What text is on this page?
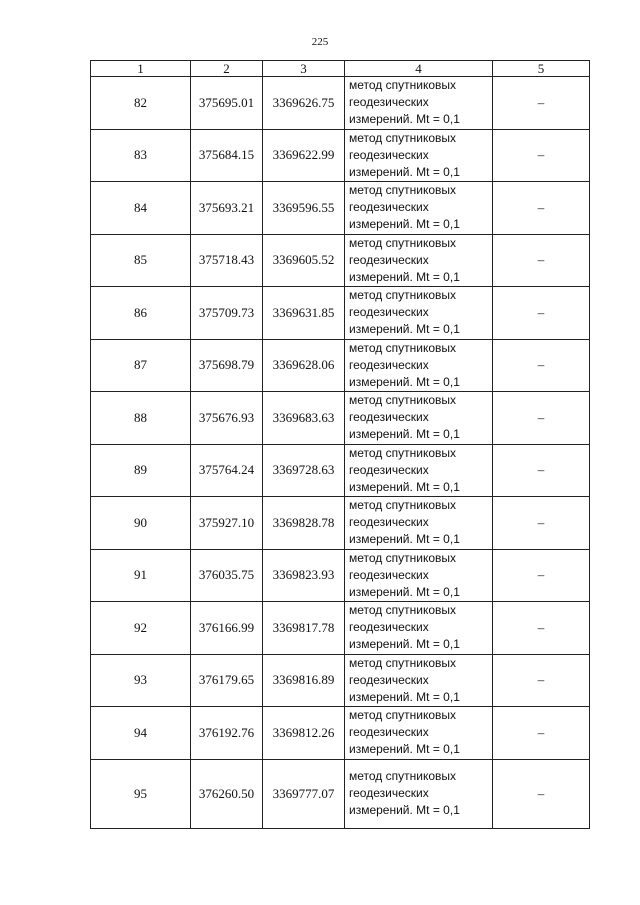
225
1	2	3	4	5
82	375695.01	3369626.75	метод спутниковых
геодезических
измерений. Mt = 0,1	–
83	375684.15	3369622.99	метод спутниковых
геодезических
измерений. Mt = 0,1	–
84	375693.21	3369596.55	метод спутниковых
геодезических
измерений. Mt = 0,1	–
85	375718.43	3369605.52	метод спутниковых
геодезических
измерений. Mt = 0,1	–
86	375709.73	3369631.85	метод спутниковых
геодезических
измерений. Mt = 0,1	–
87	375698.79	3369628.06	метод спутниковых
геодезических
измерений. Mt = 0,1	–
88	375676.93	3369683.63	метод спутниковых
геодезических
измерений. Mt = 0,1	–
89	375764.24	3369728.63	метод спутниковых
геодезических
измерений. Mt = 0,1	–
90	375927.10	3369828.78	метод спутниковых
геодезических
измерений. Mt = 0,1	–
91	376035.75	3369823.93	метод спутниковых
геодезических
измерений. Mt = 0,1	–
92	376166.99	3369817.78	метод спутниковых
геодезических
измерений. Mt = 0,1	–
93	376179.65	3369816.89	метод спутниковых
геодезических
измерений. Mt = 0,1	–
94	376192.76	3369812.26	метод спутниковых
геодезических
измерений. Mt = 0,1	–
95	376260.50	3369777.07	метод спутниковых
геодезических
измерений. Mt = 0,1	–
